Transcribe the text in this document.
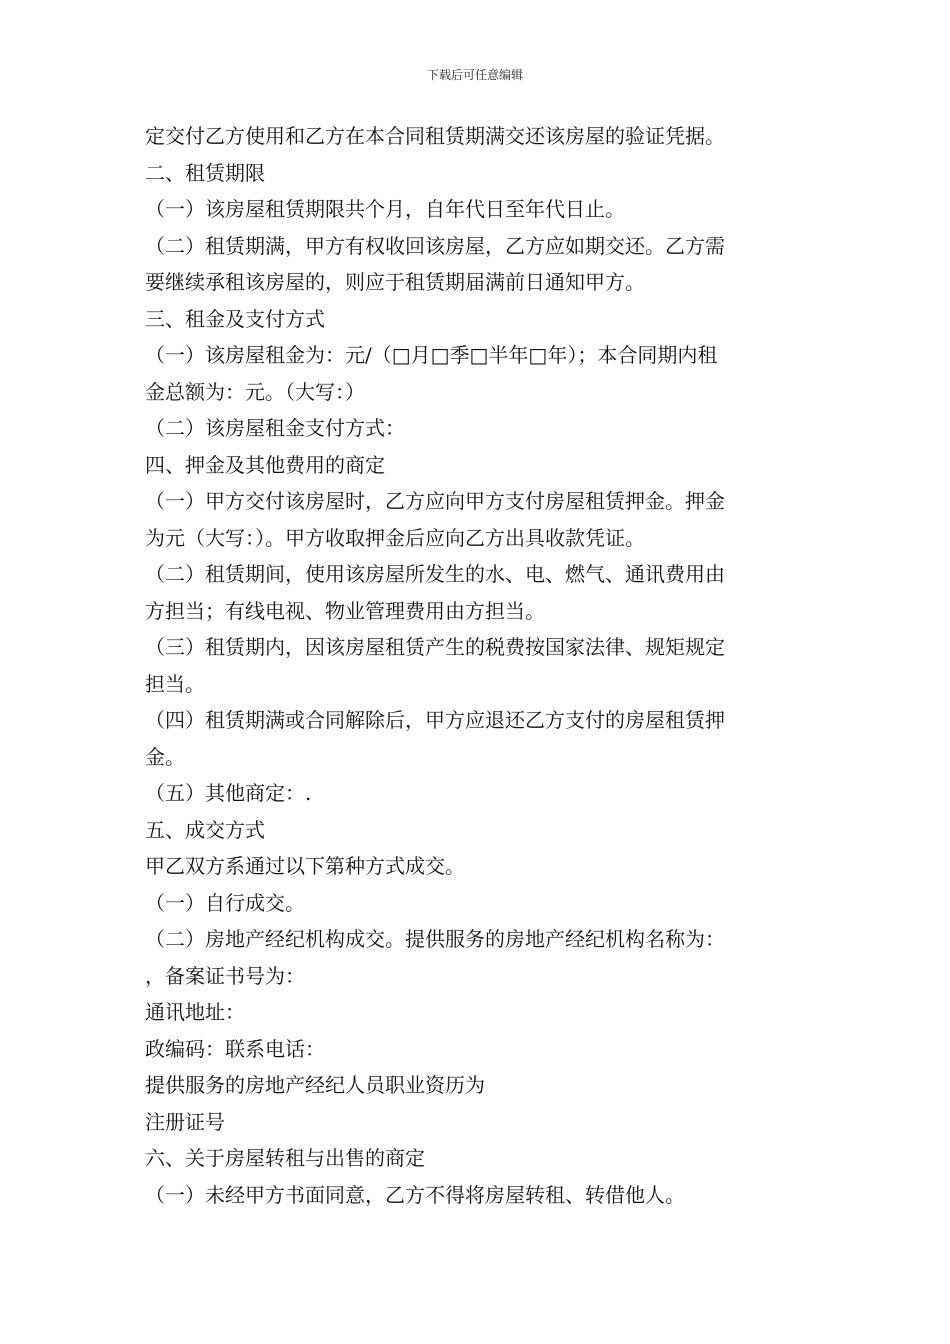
下载后可任意编辑
定交付乙方使用和乙方在本合同租赁期满交还该房屋的验证凭据。
二、租赁期限
（一）该房屋租赁期限共个月，自年代日至年代日止。
（二）租赁期满，甲方有权收回该房屋，乙方应如期交还。乙方需
要继续承租该房屋的，则应于租赁期届满前日通知甲方。
三、租金及支付方式
（一）该房屋租金为：元/（□月□季□半年□年）；本合同期内租
金总额为：元。（大写：）
（二）该房屋租金支付方式：
四、押金及其他费用的商定
（一）甲方交付该房屋时，乙方应向甲方支付房屋租赁押金。押金
为元（大写：）。甲方收取押金后应向乙方出具收款凭证。
（二）租赁期间，使用该房屋所发生的水、电、燃气、通讯费用由
方担当；有线电视、物业管理费用由方担当。
（三）租赁期内，因该房屋租赁产生的税费按国家法律、规矩规定
担当。
（四）租赁期满或合同解除后，甲方应退还乙方支付的房屋租赁押
金。
（五）其他商定：.
五、成交方式
甲乙双方系通过以下第种方式成交。
（一）自行成交。
（二）房地产经纪机构成交。提供服务的房地产经纪机构名称为：
，备案证书号为：
通讯地址：
政编码：联系电话：
提供服务的房地产经纪人员职业资历为
注册证号
六、关于房屋转租与出售的商定
（一）未经甲方书面同意，乙方不得将房屋转租、转借他人。
